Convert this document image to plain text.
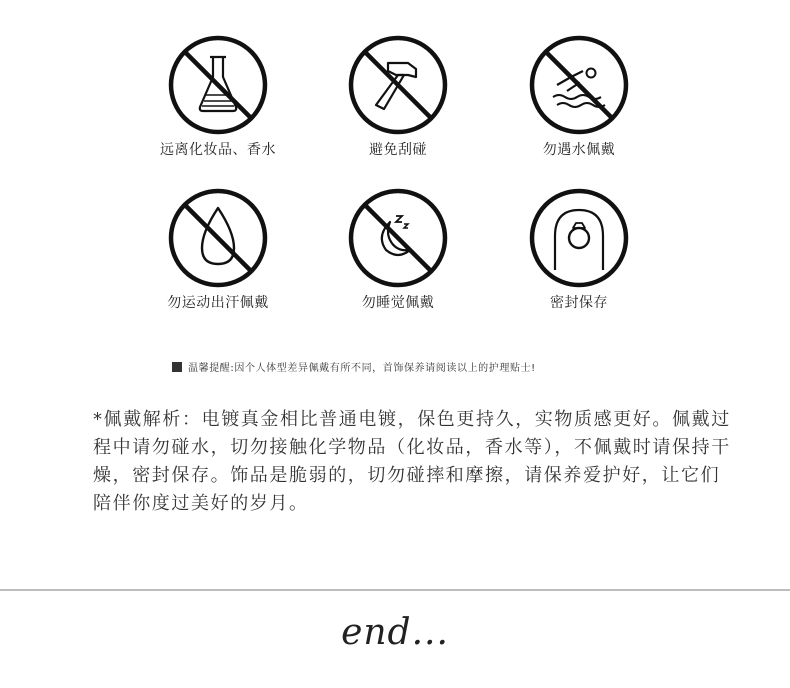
远离化妆品、香水	避免刮碰	勿遇水佩戴
勿运动出汗佩戴	勿睡觉佩戴	密封保存
温馨提醒:因个人体型差异佩戴有所不同，首饰保养请阅读以上的护理贴士!
*佩戴解析：电镀真金相比普通电镀，保色更持久，实物质感更好。佩戴过程中请勿碰水，切勿接触化学物品（化妆品，香水等），不佩戴时请保持干燥，密封保存。饰品是脆弱的，切勿碰摔和摩擦，请保养爱护好，让它们陪伴你度过美好的岁月。
end...
